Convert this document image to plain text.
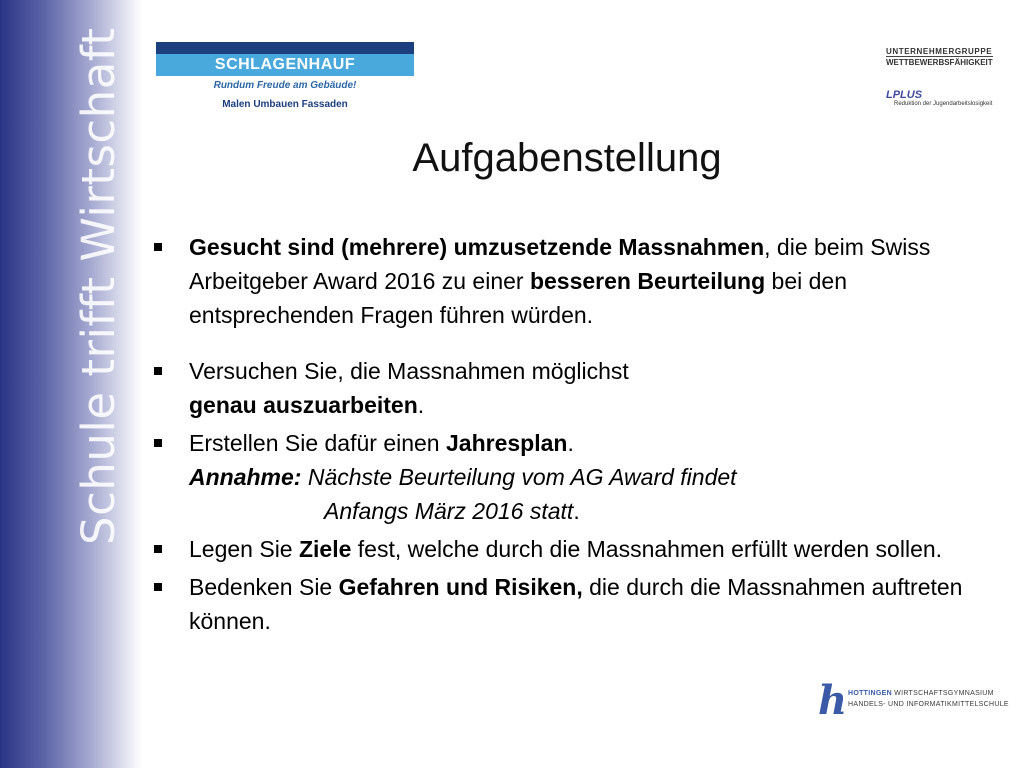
Schule trifft Wirtschaft	SCHLAGENHAUF
Rundum Freude am Gebäude!
Malen Umbauen Fassaden
UNTERNEHMERGRUPPE
WETTBEWERBSFÄHIGKEIT
LPLUS
Reduktion der Jugendarbeitslosigkeit
Aufgabenstellung
Gesucht sind (mehrere) umzusetzende Massnahmen, die beim Swiss Arbeitgeber Award 2016 zu einer besseren Beurteilung bei den entsprechenden Fragen führen würden.
Versuchen Sie, die Massnahmen möglichst
genau auszuarbeiten.
Erstellen Sie dafür einen Jahresplan.
Annahme: Nächste Beurteilung vom AG Award findet
Anfangs März 2016 statt.
Legen Sie Ziele fest, welche durch die Massnahmen erfüllt werden sollen.
Bedenken Sie Gefahren und Risiken, die durch die Massnahmen auftreten können.
h HOTTINGEN WIRTSCHAFTSGYMNASIUM
HANDELS- UND INFORMATIKMITTELSCHULE
